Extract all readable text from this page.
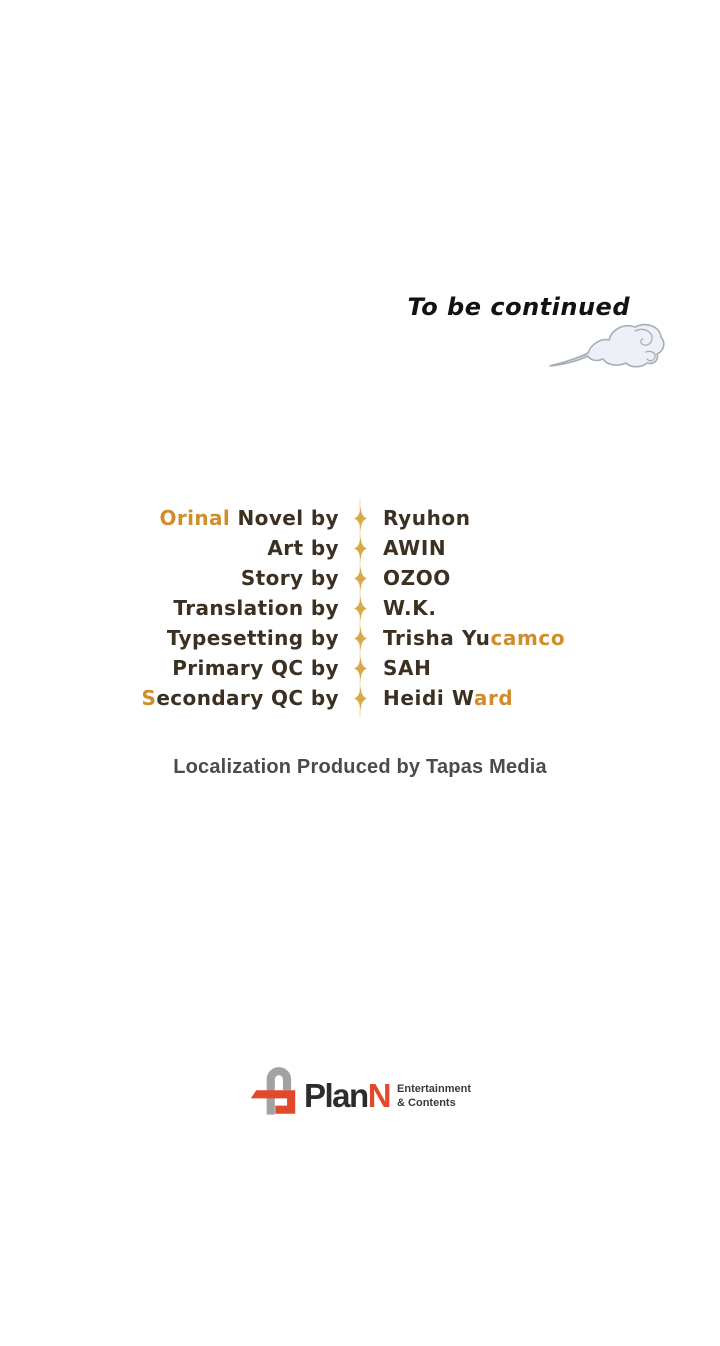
To be continued
Orinal Novel by	Ryuhon
Art by	AWIN
Story by	OZOO
Translation by	W.K.
Typesetting by	Trisha Yucamco
Primary QC by	SAH
Secondary QC by	Heidi Ward
Localization Produced by Tapas Media
PlanN Entertainment
& Contents
